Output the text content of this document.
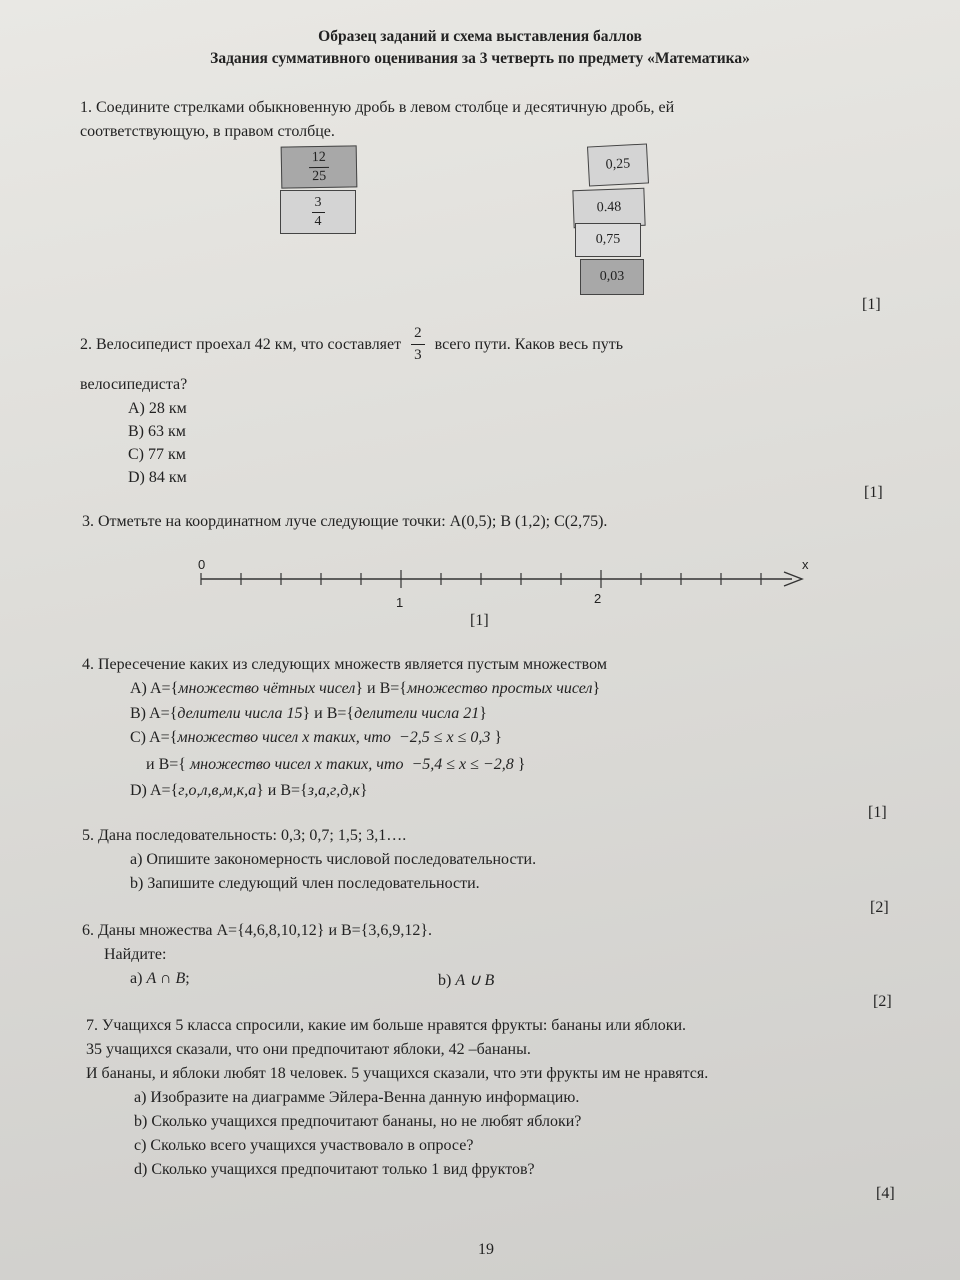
Образец заданий и схема выставления баллов
Задания суммативного оценивания за 3 четверть по предмету «Математика»
1. Соедините стрелками обыкновенную дробь в левом столбце и десятичную дробь, ей
соответствующую, в правом столбце.
$\frac{12}{25}$
$\frac{3}{4}$
0,25
0.48
0,75
0,03
[1]
2. Велосипедист проехал 42 км, что составляет $\frac{2}{3}$ всего пути. Каков весь путь
велосипедиста?
A) 28 км
B) 63 км
C) 77 км
D) 84 км
[1]
3. Отметьте на координатном луче следующие точки: A(0,5); B (1,2); C(2,75).
0	x
1	2
[1]
4. Пересечение каких из следующих множеств является пустым множеством
A) A={множество чётных чисел} и B={множество простых чисел}
B) A={делители числа 15} и B={делители числа 21}
C) A={множество чисел x таких, что −2,5 ≤ x ≤ 0,3 }
и B={ множество чисел x таких, что −5,4 ≤ x ≤ −2,8 }
D) A={г,о,л,в,м,к,а} и B={з,а,г,д,к}
[1]
5. Дана последовательность: 0,3; 0,7; 1,5; 3,1….
a) Опишите закономерность числовой последовательности.
b) Запишите следующий член последовательности.
[2]
6. Даны множества A={4,6,8,10,12} и B={3,6,9,12}.
Найдите:
a) A ∩ B;	b) A ∪ B
[2]
7. Учащихся 5 класса спросили, какие им больше нравятся фрукты: бананы или яблоки.
35 учащихся сказали, что они предпочитают яблоки, 42 –бананы.
И бананы, и яблоки любят 18 человек. 5 учащихся сказали, что эти фрукты им не нравятся.
a) Изобразите на диаграмме Эйлера-Венна данную информацию.
b) Сколько учащихся предпочитают бананы, но не любят яблоки?
c) Сколько всего учащихся участвовало в опросе?
d) Сколько учащихся предпочитают только 1 вид фруктов?
[4]
19
